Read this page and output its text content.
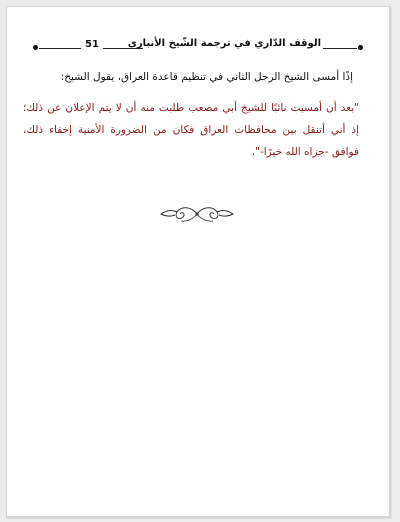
51	الوقف الدّاري في ترجمة الشّيخ الأنباري
إذًا أمسى الشيخ الرجل الثاني في تنظيم قاعدة العراق، يقول الشيخ:
"بعد أن أمسيت نائبًا للشيخ أبي مصعب طلبت منه أن لا يتم الإعلان عن ذلك؛ إذ أني أتنقل بين محافظات العراق فكان من الضرورة الأمنية إخفاء ذلك، فوافق -جزاه الله خيرًا-".
